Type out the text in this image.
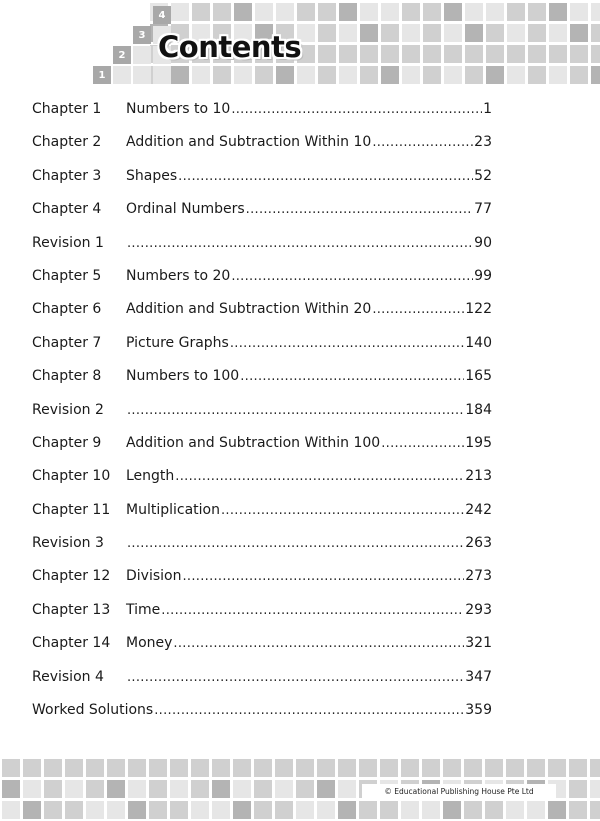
1
2
3
4
Contents
Chapter 1	Numbers to 10 .....	1
Chapter 2	Addition and Subtraction Within 10 .....	23
Chapter 3	Shapes .....	52
Chapter 4	Ordinal Numbers .....	77
Revision 1 .....	90
Chapter 5	Numbers to 20 .....	99
Chapter 6	Addition and Subtraction Within 20 .....	122
Chapter 7	Picture Graphs .....	140
Chapter 8	Numbers to 100 .....	165
Revision 2 .....	184
Chapter 9	Addition and Subtraction Within 100 .....	195
Chapter 10	Length .....	213
Chapter 11	Multiplication .....	242
Revision 3 .....	263
Chapter 12	Division .....	273
Chapter 13	Time .....	293
Chapter 14	Money .....	321
Revision 4 .....	347
Worked Solutions .....	359
© Educational Publishing House Pte Ltd
